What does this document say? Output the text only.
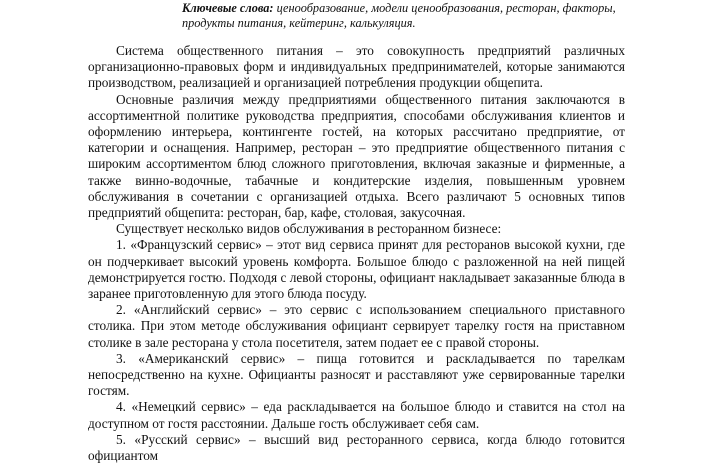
Ключевые слова: ценообразование, модели ценообразования, ресторан, факторы, продукты питания, кейтеринг, калькуляция.

Система общественного питания – это совокупность предприятий различных организационно-правовых форм и индивидуальных предпринимателей, которые занимаются производством, реализацией и организацией потребления продукции общепита.

Основные различия между предприятиями общественного питания заключаются в ассортиментной политике руководства предприятия, способами обслуживания клиентов и оформлению интерьера, контингенте гостей, на которых рассчитано предприятие, от категории и оснащения. Например, ресторан – это предприятие общественного питания с широким ассортиментом блюд сложного приготовления, включая заказные и фирменные, а также винно-водочные, табачные и кондитерские изделия, повышенным уровнем обслуживания в сочетании с организацией отдыха. Всего различают 5 основных типов предприятий общепита: ресторан, бар, кафе, столовая, закусочная.

Существует несколько видов обслуживания в ресторанном бизнесе:

1. «Французский сервис» – этот вид сервиса принят для ресторанов высокой кухни, где он подчеркивает высокий уровень комфорта. Большое блюдо с разложенной на ней пищей демонстрируется гостю. Подходя с левой стороны, официант накладывает заказанные блюда в заранее приготовленную для этого блюда посуду.

2. «Английский сервис» – это сервис с использованием специального приставного столика. При этом методе обслуживания официант сервирует тарелку гостя на приставном столике в зале ресторана у стола посетителя, затем подает ее с правой стороны.

3. «Американский сервис» – пища готовится и раскладывается по тарелкам непосредственно на кухне. Официанты разносят и расставляют уже сервированные тарелки гостям.

4. «Немецкий сервис» – еда раскладывается на большое блюдо и ставится на стол на доступном от гостя расстоянии. Дальше гость обслуживает себя сам.

5. «Русский сервис» – высший вид ресторанного сервиса, когда блюдо готовится официантом
